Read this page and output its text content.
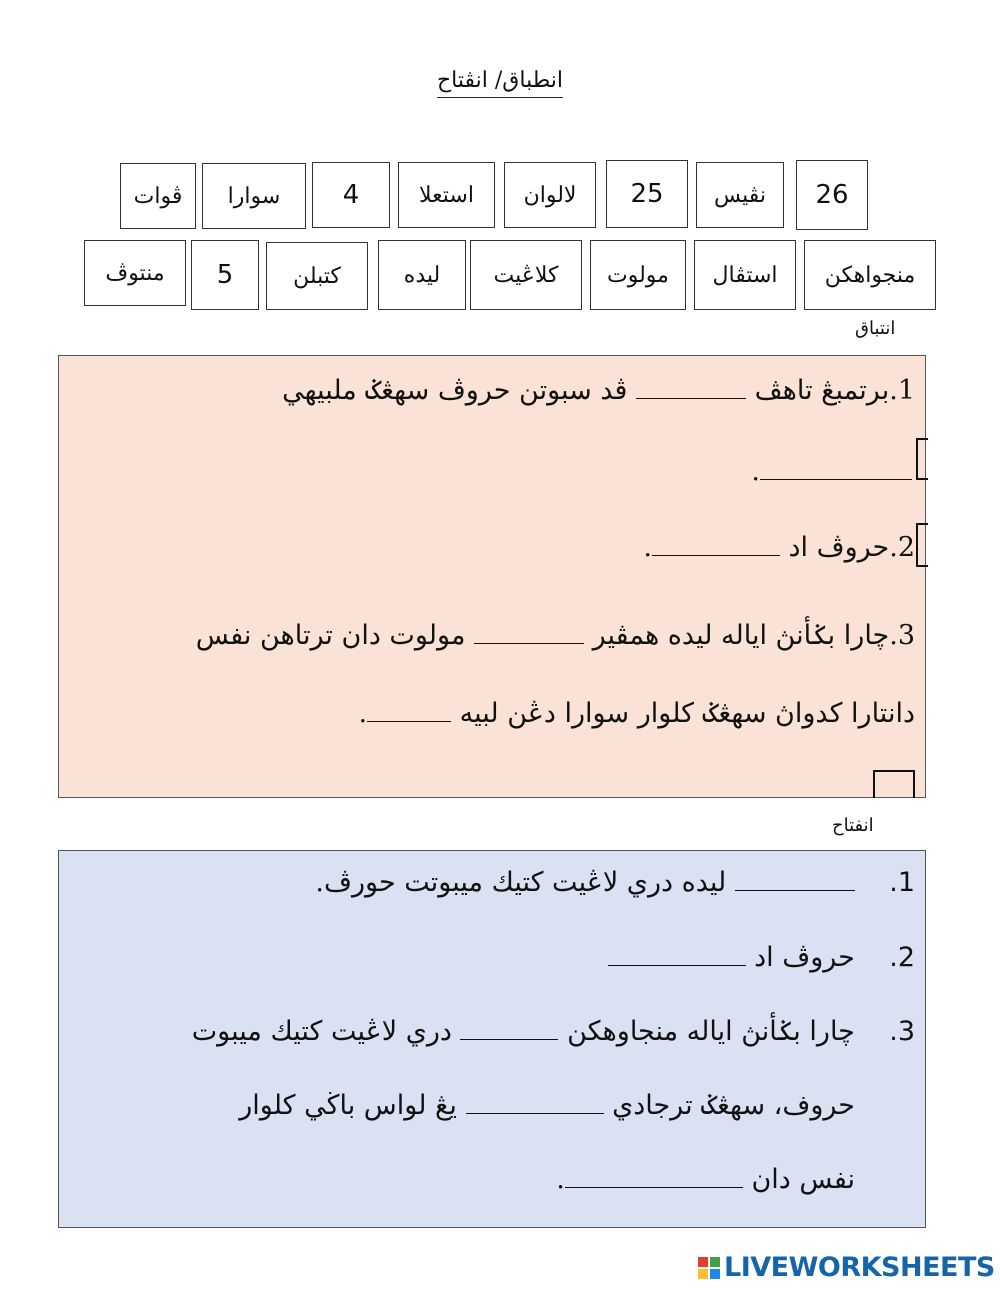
انطباق/ انڤتاح
26
نڤيس
25
لالوان
استعلا
4
سوارا
ڤوات
منجواهكن
استڤال
مولوت
كلاڠيت
ليده
كتبلن
5
منتوڤ
انتباق
1.برتمبڠ تاهڤ  ڤد سبوتن حروڤ سهڠݢ ملبيهي
.
2.حروڤ اد .
3.چارا بݢأنڽ اياله ليده همڤير  مولوت دان ترتاهن نفس
دانتارا كدواڽ سهڠݢ كلوار سوارا دڠن لبيه .
انفتاح
1.     ليده دري لاڠيت كتيك ميبوتت حورڤ.
2.    حروڤ اد
3.    چارا بݢأنڽ اياله منجاوهكن  دري لاڠيت كتيك ميبوت
حروف، سهڠݢ ترجادي  يڠ لواس باڬي كلوار
نفس دان .
LIVEWORKSHEETS
